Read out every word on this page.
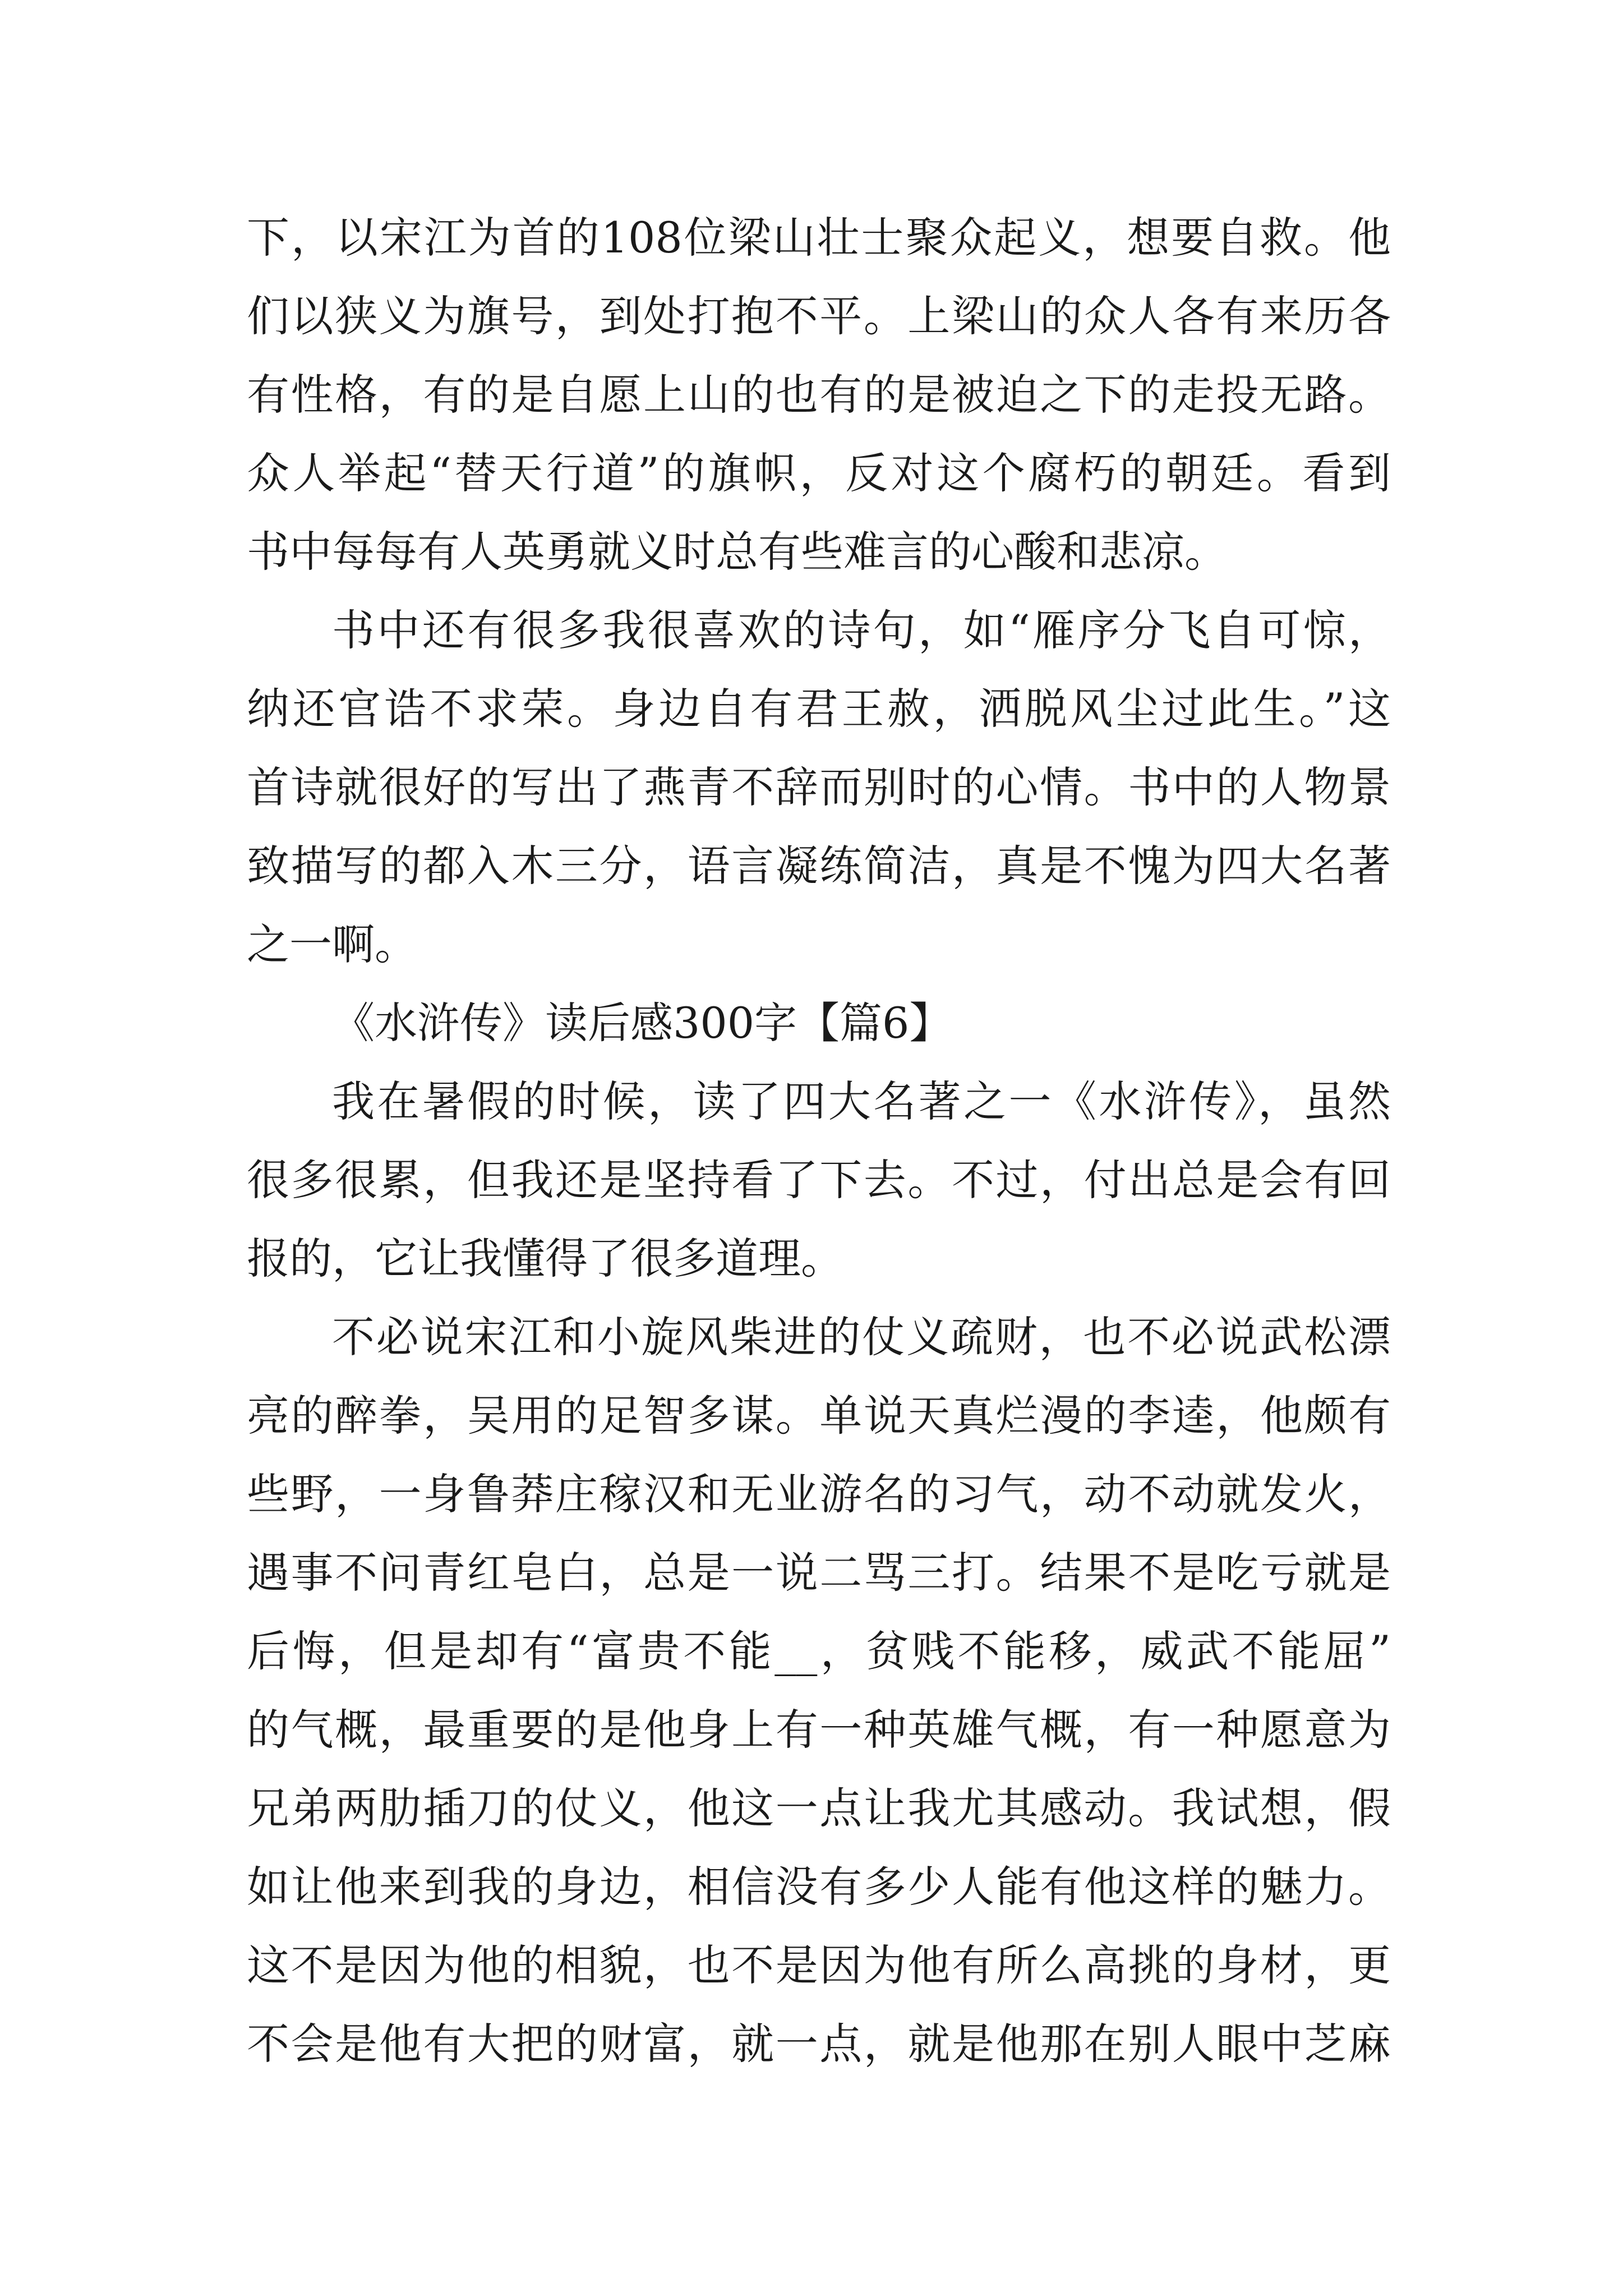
下，以宋江为首的108位梁山壮士聚众起义，想要自救。他
们以狭义为旗号，到处打抱不平。上梁山的众人各有来历各
有性格，有的是自愿上山的也有的是被迫之下的走投无路。
众人举起“替天行道”的旗帜，反对这个腐朽的朝廷。看到
书中每每有人英勇就义时总有些难言的心酸和悲凉。
书中还有很多我很喜欢的诗句，如“雁序分飞自可惊，
纳还官诰不求荣。身边自有君王赦，洒脱风尘过此生。”这
首诗就很好的写出了燕青不辞而别时的心情。书中的人物景
致描写的都入木三分，语言凝练简洁，真是不愧为四大名著
之一啊。
《水浒传》读后感300字【篇6】
我在暑假的时候，读了四大名著之一《水浒传》，虽然
很多很累，但我还是坚持看了下去。不过，付出总是会有回
报的，它让我懂得了很多道理。
不必说宋江和小旋风柴进的仗义疏财，也不必说武松漂
亮的醉拳，吴用的足智多谋。单说天真烂漫的李逵，他颇有
些野，一身鲁莽庄稼汉和无业游名的习气，动不动就发火，
遇事不问青红皂白，总是一说二骂三打。结果不是吃亏就是
后悔，但是却有“富贵不能__，贫贱不能移，威武不能屈”
的气概，最重要的是他身上有一种英雄气概，有一种愿意为
兄弟两肋插刀的仗义，他这一点让我尤其感动。我试想，假
如让他来到我的身边，相信没有多少人能有他这样的魅力。
这不是因为他的相貌，也不是因为他有所么高挑的身材，更
不会是他有大把的财富，就一点，就是他那在别人眼中芝麻
